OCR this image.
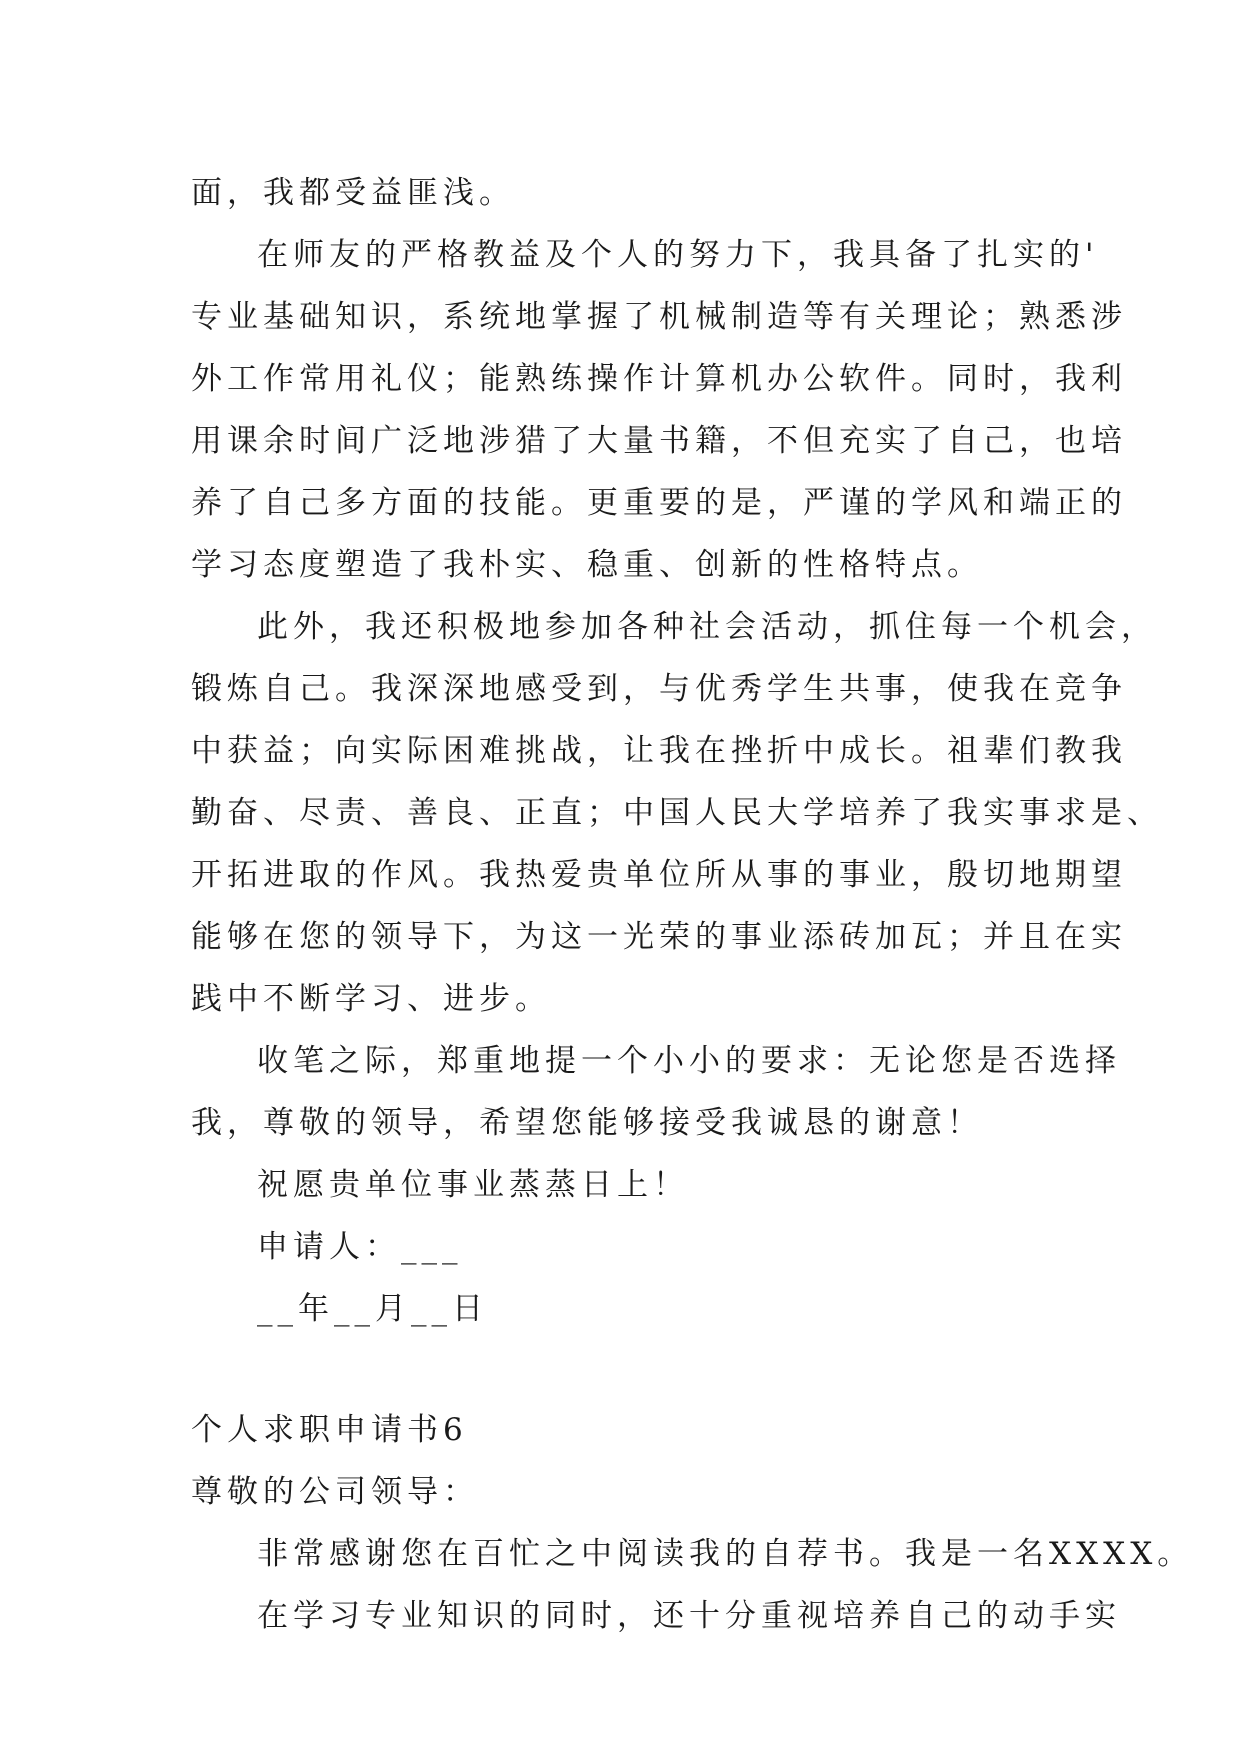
面，我都受益匪浅。
在师友的严格教益及个人的努力下，我具备了扎实的'
专业基础知识，系统地掌握了机械制造等有关理论；熟悉涉
外工作常用礼仪；能熟练操作计算机办公软件。同时，我利
用课余时间广泛地涉猎了大量书籍，不但充实了自己，也培
养了自己多方面的技能。更重要的是，严谨的学风和端正的
学习态度塑造了我朴实、稳重、创新的性格特点。
此外，我还积极地参加各种社会活动，抓住每一个机会，
锻炼自己。我深深地感受到，与优秀学生共事，使我在竞争
中获益；向实际困难挑战，让我在挫折中成长。祖辈们教我
勤奋、尽责、善良、正直；中国人民大学培养了我实事求是、
开拓进取的作风。我热爱贵单位所从事的事业，殷切地期望
能够在您的领导下，为这一光荣的事业添砖加瓦；并且在实
践中不断学习、进步。
收笔之际，郑重地提一个小小的要求：无论您是否选择
我，尊敬的领导，希望您能够接受我诚恳的谢意！
祝愿贵单位事业蒸蒸日上！
申请人：___
__年__月__日
个人求职申请书6
尊敬的公司领导：
非常感谢您在百忙之中阅读我的自荐书。我是一名XXXX。
在学习专业知识的同时，还十分重视培养自己的动手实
